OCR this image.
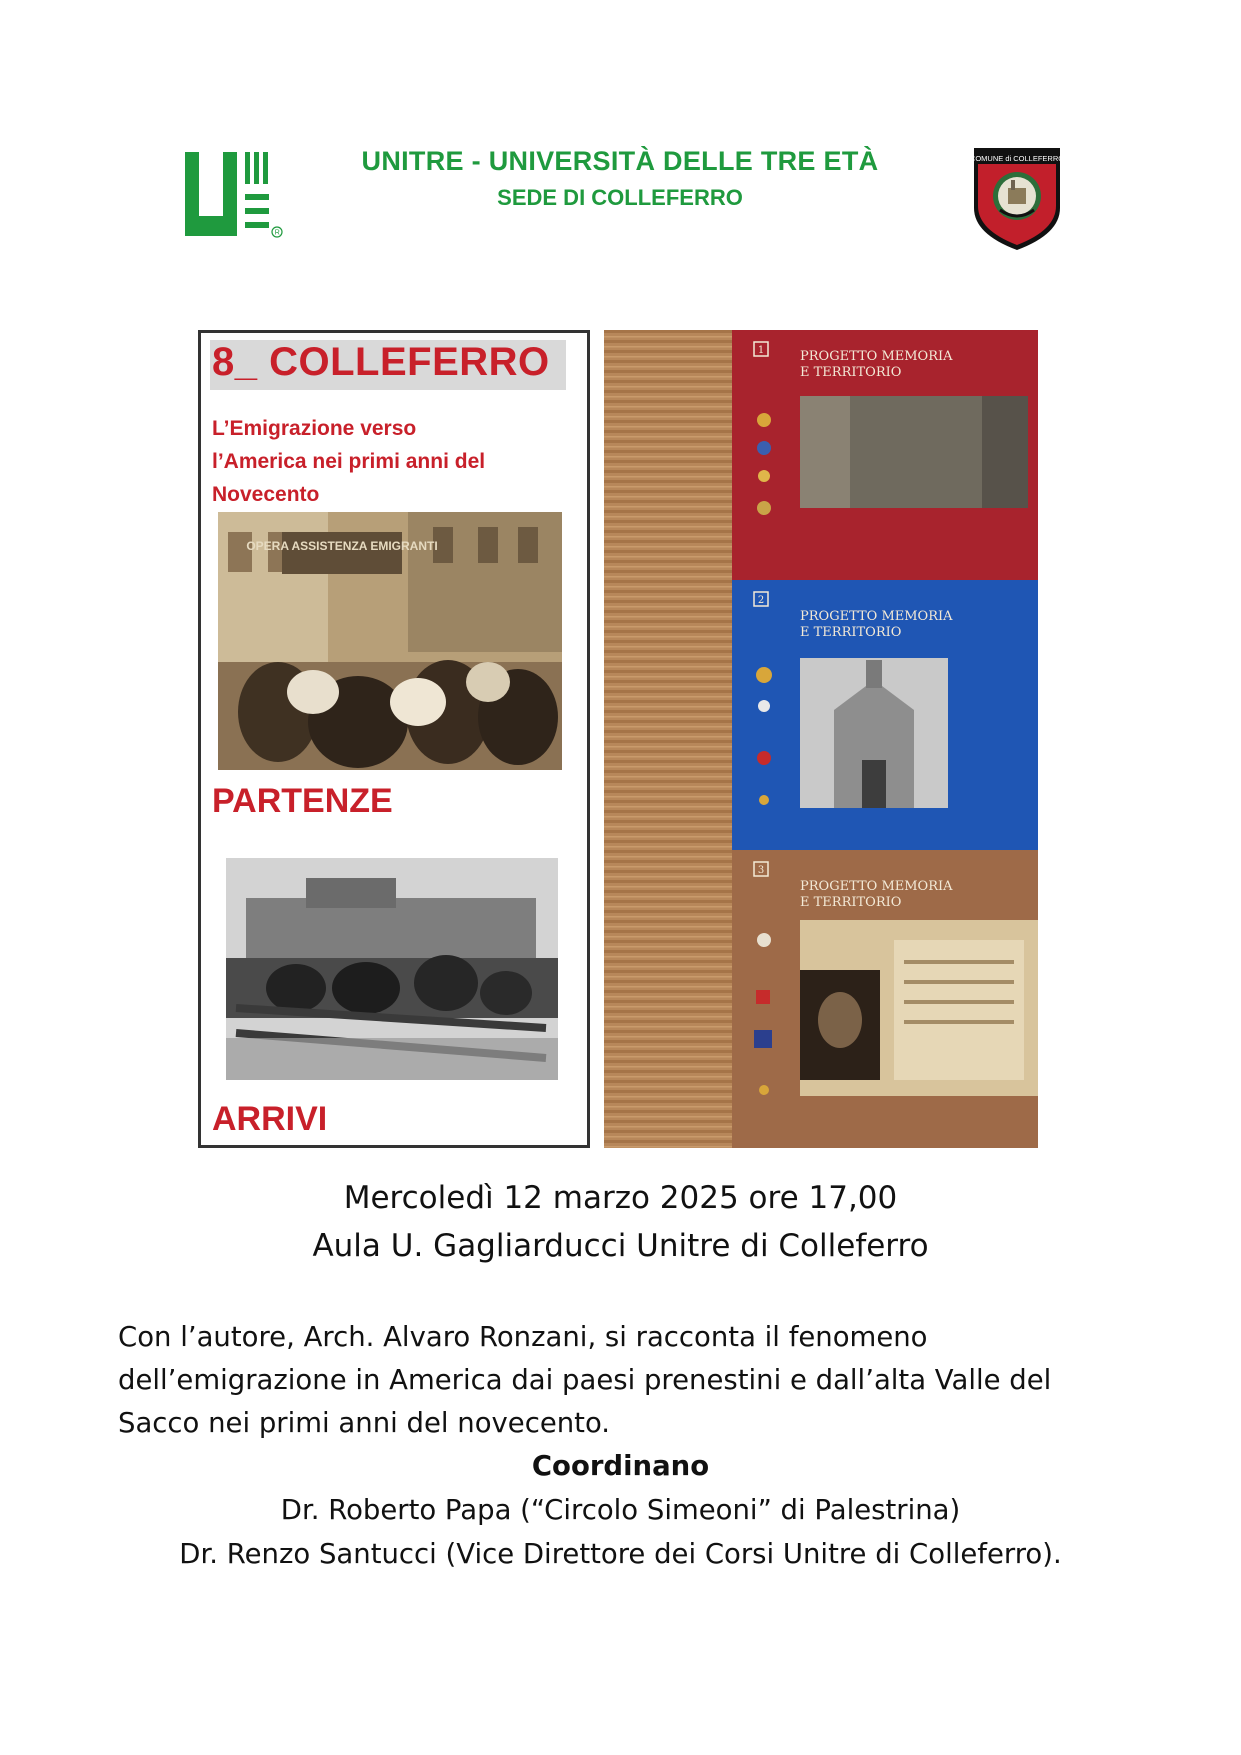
R
UNITRE - UNIVERSITÀ DELLE TRE ETÀ
SEDE DI COLLEFERRO
COMUNE di COLLEFERRO
8_ COLLEFERRO
L’Emigrazione verso
l’America nei primi anni del
Novecento
OPERA ASSISTENZA EMIGRANTI
PARTENZE
ARRIVI
1	PROGETTO MEMORIA
E TERRITORIO
2
PROGETTO MEMORIA
E TERRITORIO
3
PROGETTO MEMORIA
E TERRITORIO
Mercoledì 12 marzo 2025 ore 17,00
Aula U. Gagliarducci Unitre di Colleferro
Con l’autore, Arch. Alvaro Ronzani, si racconta il fenomeno dell’emigrazione in America dai paesi prenestini e dall’alta Valle del Sacco nei primi anni del novecento.
Coordinano
Dr. Roberto Papa (“Circolo Simeoni” di Palestrina)
Dr. Renzo Santucci (Vice Direttore dei Corsi Unitre di Colleferro).
